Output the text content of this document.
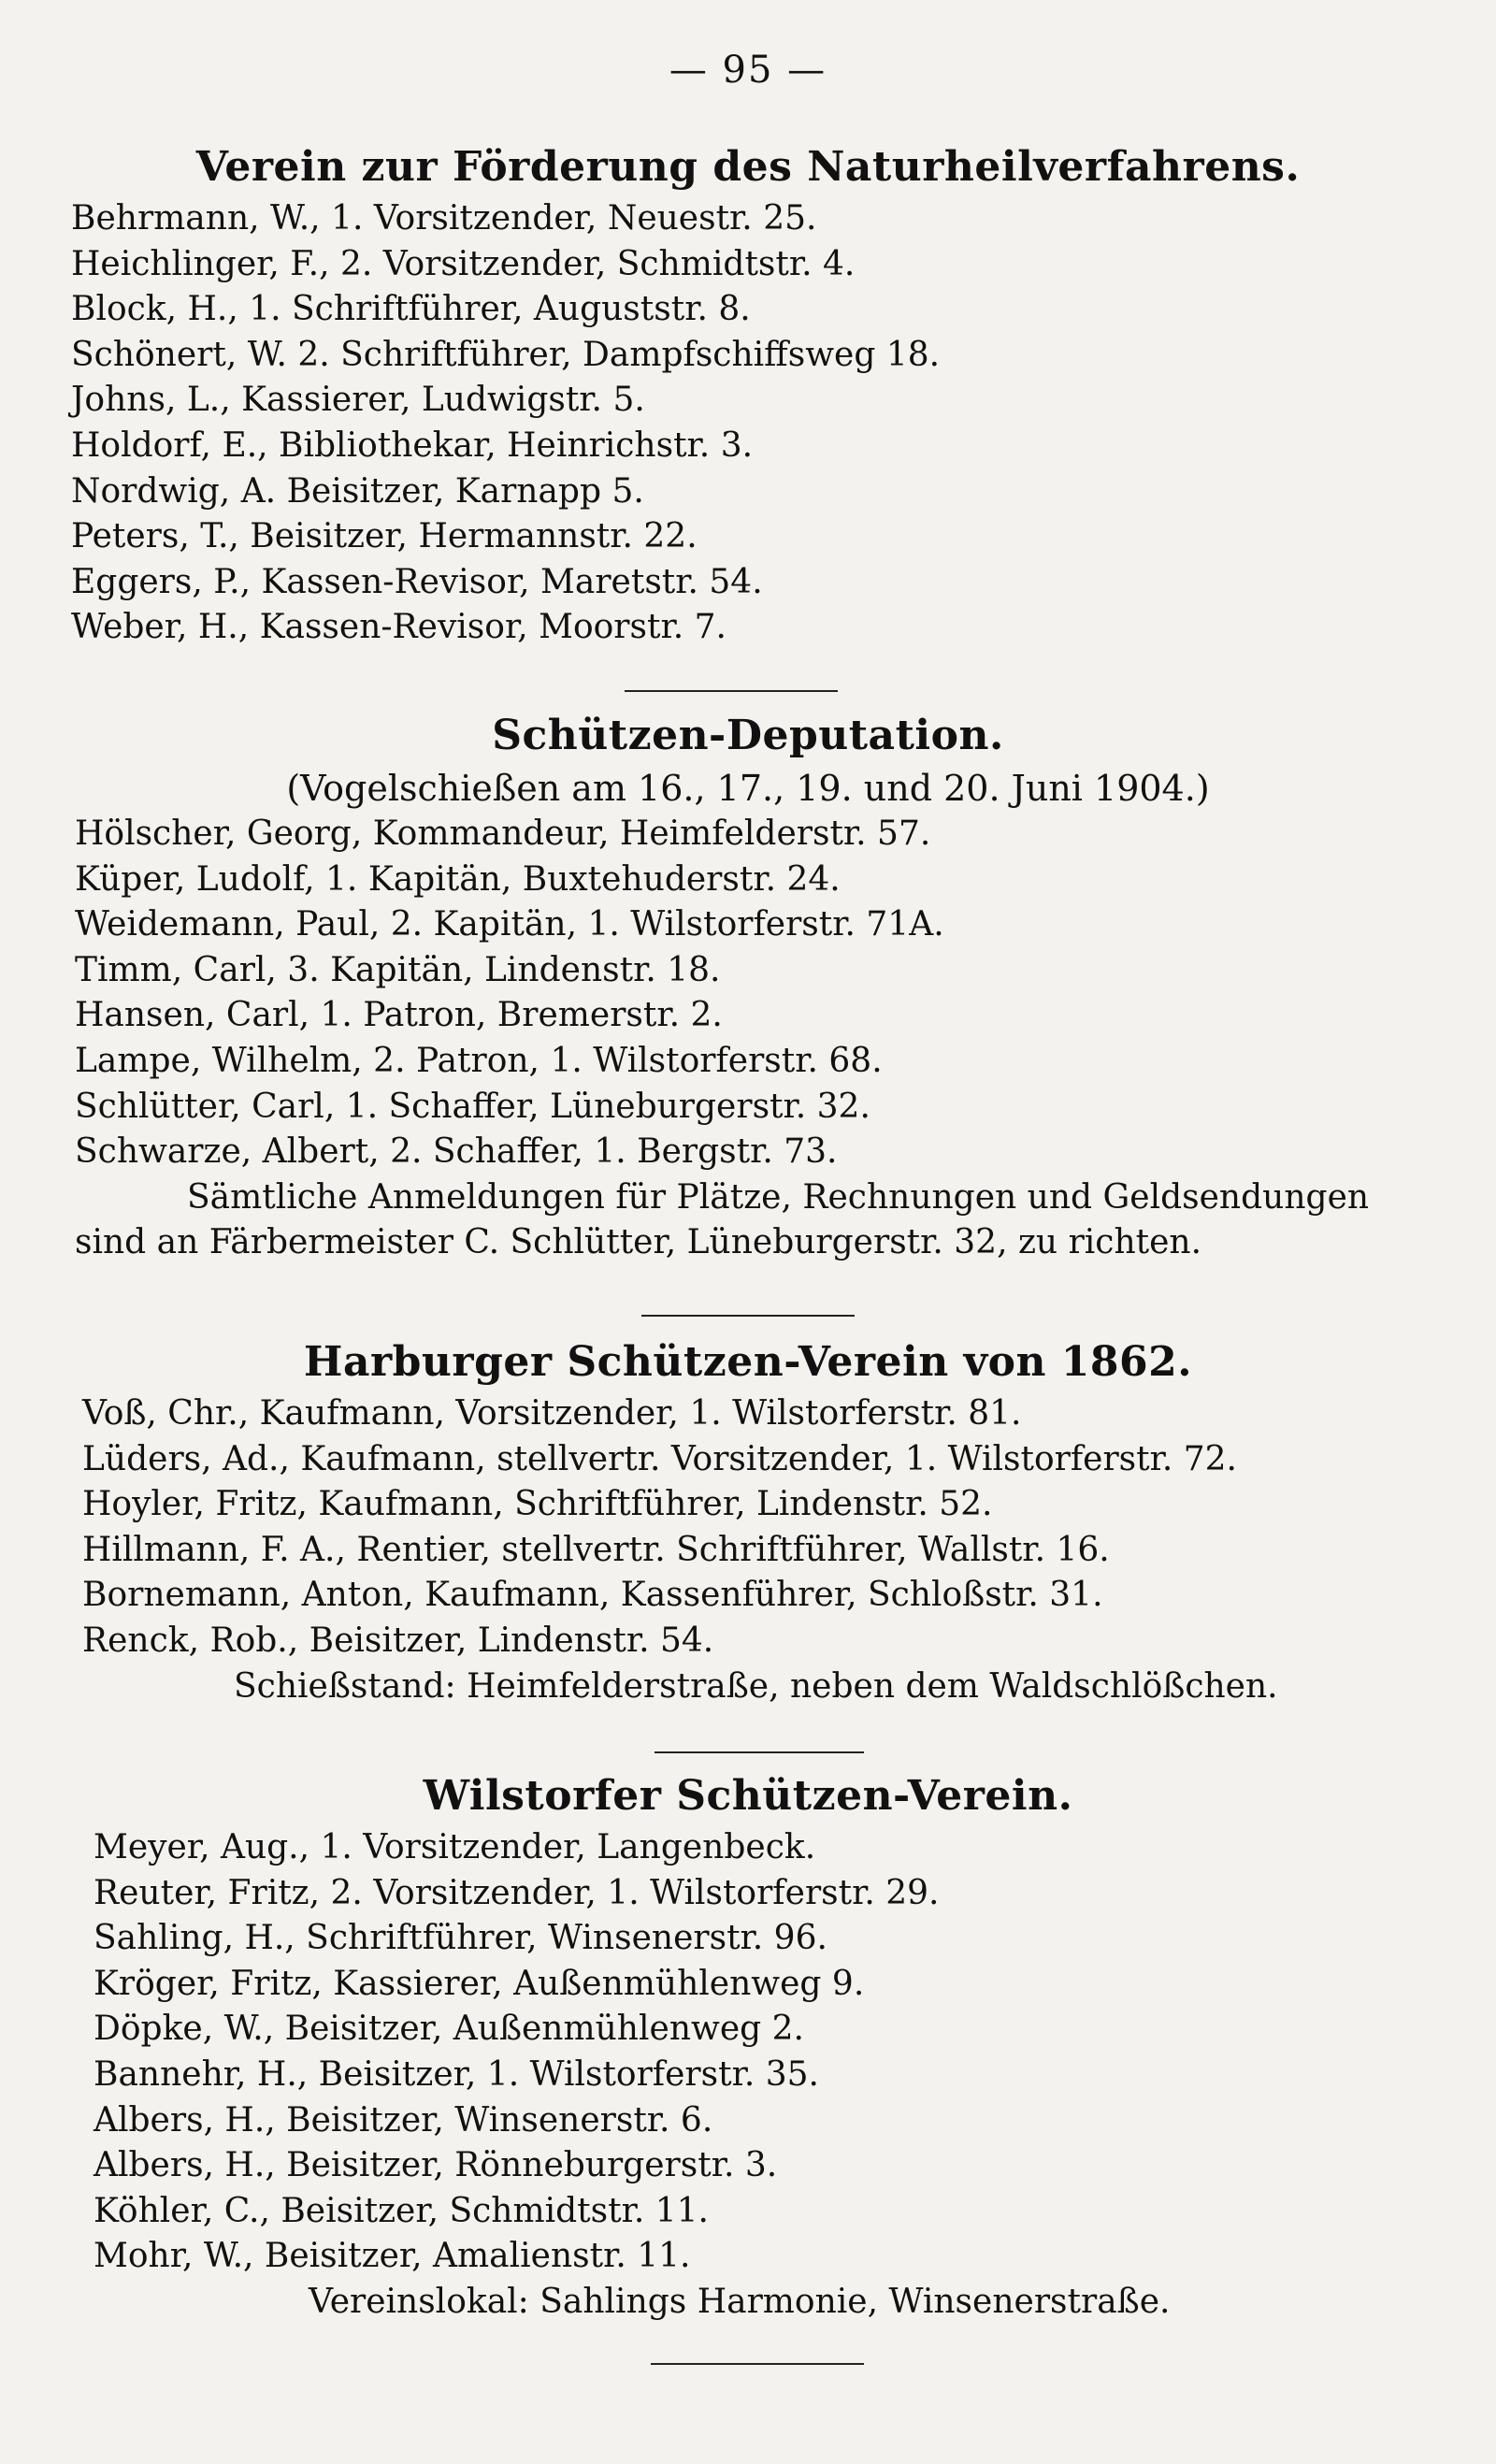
— 95 —
Verein zur Förderung des Naturheilverfahrens.
Behrmann, W., 1. Vorsitzender, Neuestr. 25.
Heichlinger, F., 2. Vorsitzender, Schmidtstr. 4.
Block, H., 1. Schriftführer, Auguststr. 8.
Schönert, W. 2. Schriftführer, Dampfschiffsweg 18.
Johns, L., Kassierer, Ludwigstr. 5.
Holdorf, E., Bibliothekar, Heinrichstr. 3.
Nordwig, A. Beisitzer, Karnapp 5.
Peters, T., Beisitzer, Hermannstr. 22.
Eggers, P., Kassen-Revisor, Maretstr. 54.
Weber, H., Kassen-Revisor, Moorstr. 7.
Schützen-Deputation.
(Vogelschießen am 16., 17., 19. und 20. Juni 1904.)
Hölscher, Georg, Kommandeur, Heimfelderstr. 57.
Küper, Ludolf, 1. Kapitän, Buxtehuderstr. 24.
Weidemann, Paul, 2. Kapitän, 1. Wilstorferstr. 71A.
Timm, Carl, 3. Kapitän, Lindenstr. 18.
Hansen, Carl, 1. Patron, Bremerstr. 2.
Lampe, Wilhelm, 2. Patron, 1. Wilstorferstr. 68.
Schlütter, Carl, 1. Schaffer, Lüneburgerstr. 32.
Schwarze, Albert, 2. Schaffer, 1. Bergstr. 73.
Sämtliche Anmeldungen für Plätze, Rechnungen und Geldsendungen
sind an Färbermeister C. Schlütter, Lüneburgerstr. 32, zu richten.
Harburger Schützen-Verein von 1862.
Voß, Chr., Kaufmann, Vorsitzender, 1. Wilstorferstr. 81.
Lüders, Ad., Kaufmann, stellvertr. Vorsitzender, 1. Wilstorferstr. 72.
Hoyler, Fritz, Kaufmann, Schriftführer, Lindenstr. 52.
Hillmann, F. A., Rentier, stellvertr. Schriftführer, Wallstr. 16.
Bornemann, Anton, Kaufmann, Kassenführer, Schloßstr. 31.
Renck, Rob., Beisitzer, Lindenstr. 54.
Schießstand: Heimfelderstraße, neben dem Waldschlößchen.
Wilstorfer Schützen-Verein.
Meyer, Aug., 1. Vorsitzender, Langenbeck.
Reuter, Fritz, 2. Vorsitzender, 1. Wilstorferstr. 29.
Sahling, H., Schriftführer, Winsenerstr. 96.
Kröger, Fritz, Kassierer, Außenmühlenweg 9.
Döpke, W., Beisitzer, Außenmühlenweg 2.
Bannehr, H., Beisitzer, 1. Wilstorferstr. 35.
Albers, H., Beisitzer, Winsenerstr. 6.
Albers, H., Beisitzer, Rönneburgerstr. 3.
Köhler, C., Beisitzer, Schmidtstr. 11.
Mohr, W., Beisitzer, Amalienstr. 11.
Vereinslokal: Sahlings Harmonie, Winsenerstraße.
